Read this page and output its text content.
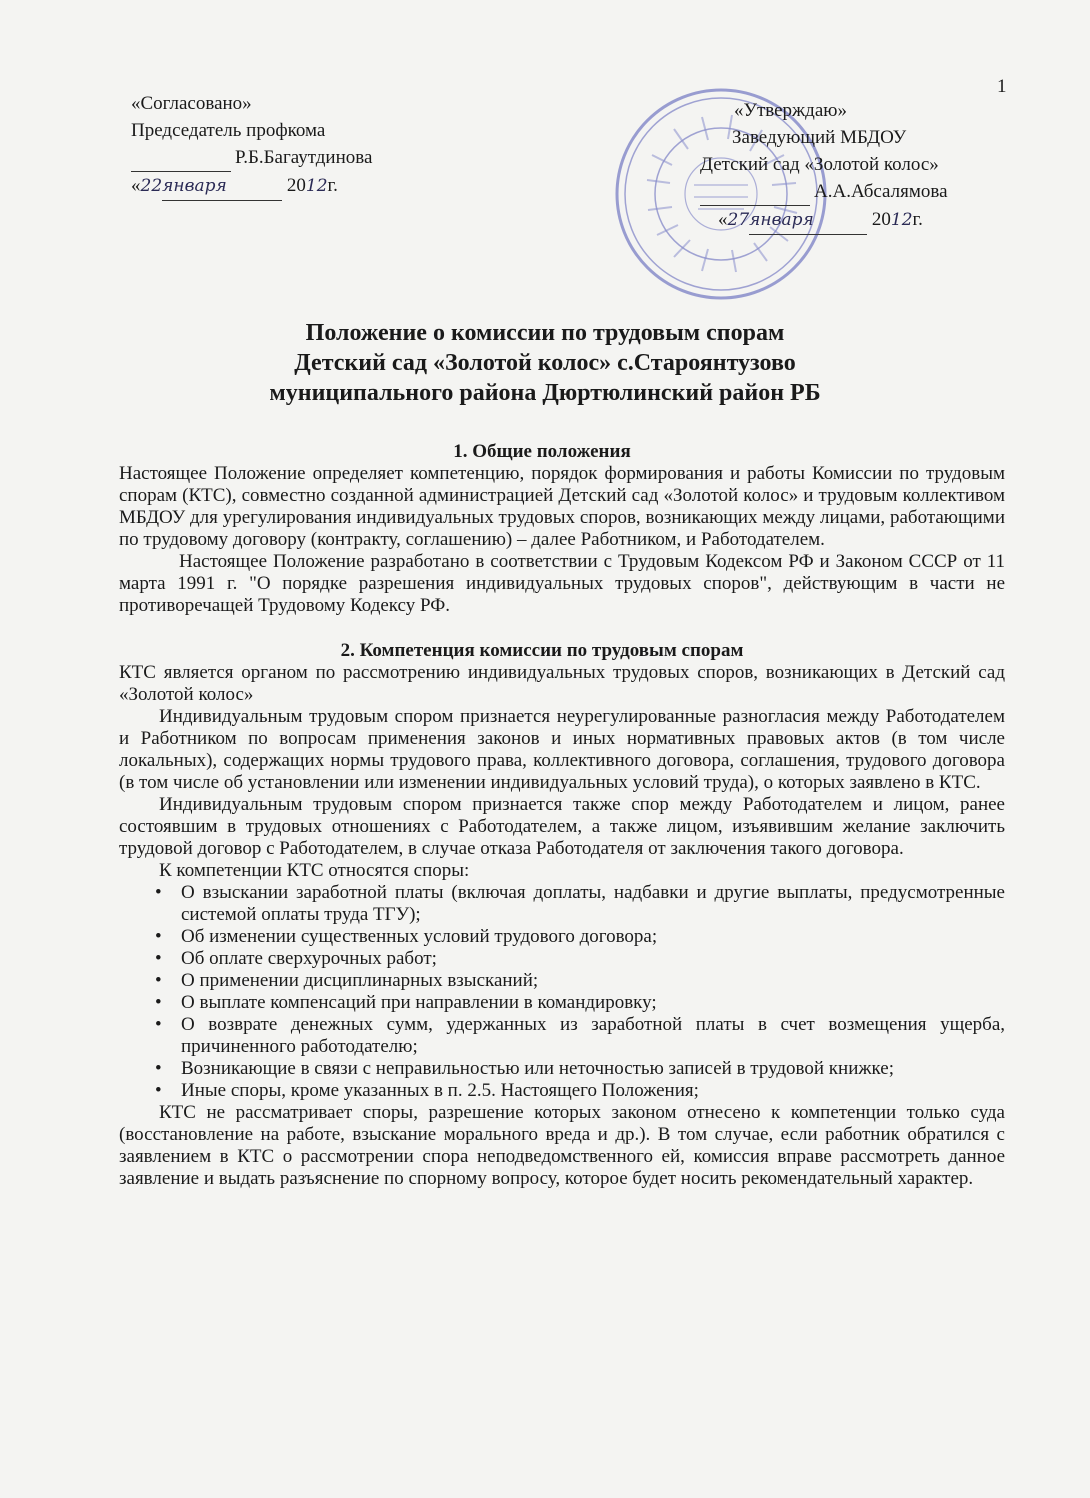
1
«Согласовано»
Председатель профкома
Р.Б.Багаутдинова
«22января	2012г.
«Утверждаю»
Заведующий МБДОУ
Детский сад «Золотой колос»
А.А.Абсалямова
«27января	2012г.
Положение о комиссии по трудовым спорам
Детский сад «Золотой колос» с.Стар​оянтузово
муниципального района Дюртюлинский район РБ
1. Общие положения

Настоящее Положение определяет компетенцию, порядок формирования и работы Комиссии по трудовым спорам (КТС), совместно созданной администрацией Детский сад «Золотой колос» и трудовым коллективом МБДОУ для урегулирования индивидуальных трудовых споров, возникающих между лицами, работающими по трудовому договору (контракту, соглашению) – далее Работником, и Работодателем.

Настоящее Положение разработано в соответствии с Трудовым Кодексом РФ и Законом СССР от 11 марта 1991 г. "О порядке разрешения индивидуальных трудовых споров", действующим в части не противоречащей Трудовому Кодексу РФ.

2. Компетенция комиссии по трудовым спорам

КТС является органом по рассмотрению индивидуальных трудовых споров, возникающих в Детский сад «Золотой колос»

Индивидуальным трудовым спором признается неурегулированные разногласия между Работодателем и Работником по вопросам применения законов и иных нормативных правовых актов (в том числе локальных), содержащих нормы трудового права, коллективного договора, соглашения, трудового договора (в том числе об установлении или изменении индивидуальных условий труда), о которых заявлено в КТС.

Индивидуальным трудовым спором признается также спор между Работодателем и лицом, ранее состоявшим в трудовых отношениях с Работодателем, а также лицом, изъявившим желание заключить трудовой договор с Работодателем, в случае отказа Работодателя от заключения такого договора.

К компетенции КТС относятся споры:

• О взыскании заработной платы (включая доплаты, надбавки и другие выплаты, предусмотренные системой оплаты труда ТГУ);
• Об изменении существенных условий трудового договора;
• Об оплате сверхурочных работ;
• О применении дисциплинарных взысканий;
• О выплате компенсаций при направлении в командировку;
• О возврате денежных сумм, удержанных из заработной платы в счет возмещения ущерба, причиненного работодателю;
• Возникающие в связи с неправильностью или неточностью записей в трудовой книжке;
• Иные споры, кроме указанных в п. 2.5. Настоящего Положения;

КТС не рассматривает споры, разрешение которых законом отнесено к компетенции только суда (восстановление на работе, взыскание морального вреда и др.). В том случае, если работник обратился с заявлением в КТС о рассмотрении спора неподведомственного ей, комиссия вправе рассмотреть данное заявление и выдать разъяснение по спорному вопросу, которое будет носить рекомендательный характер.
